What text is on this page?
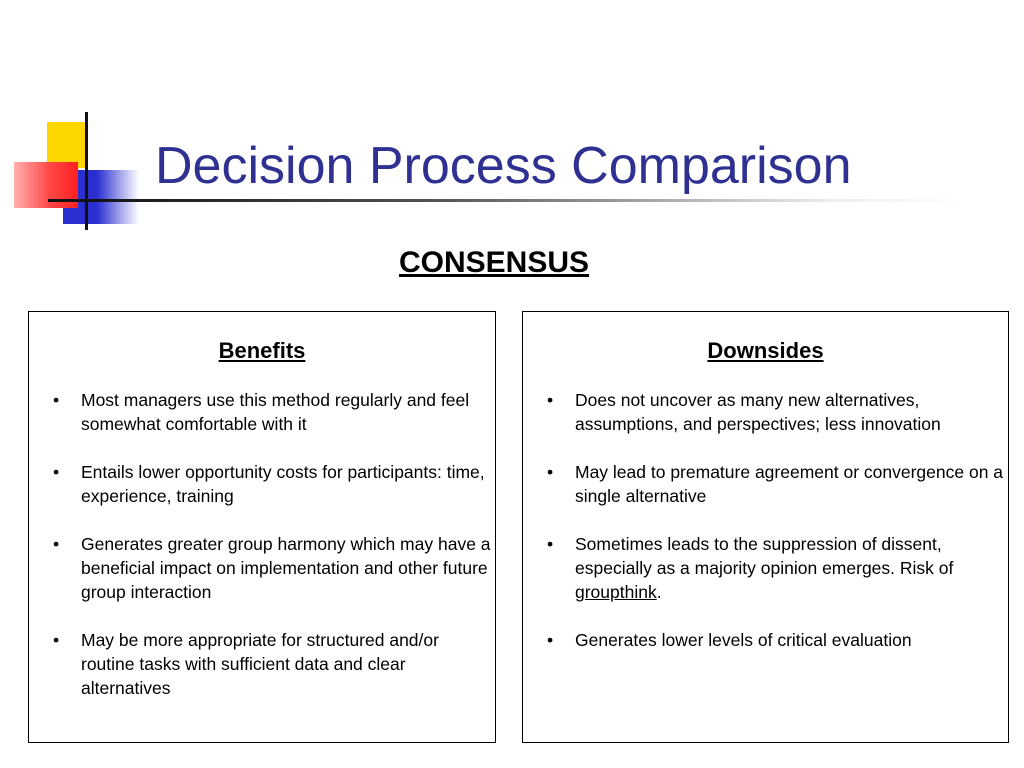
Decision Process Comparison

CONSENSUS

Benefits
• Most managers use this method regularly and feel somewhat comfortable with it
• Entails lower opportunity costs for participants: time, experience, training
• Generates greater group harmony which may have a beneficial impact on implementation and other future group interaction
• May be more appropriate for structured and/or routine tasks with sufficient data and clear alternatives
Downsides
• Does not uncover as many new alternatives, assumptions, and perspectives; less innovation
• May lead to premature agreement or convergence on a single alternative
• Sometimes leads to the suppression of dissent, especially as a majority opinion emerges. Risk of groupthink.
• Generates lower levels of critical evaluation
